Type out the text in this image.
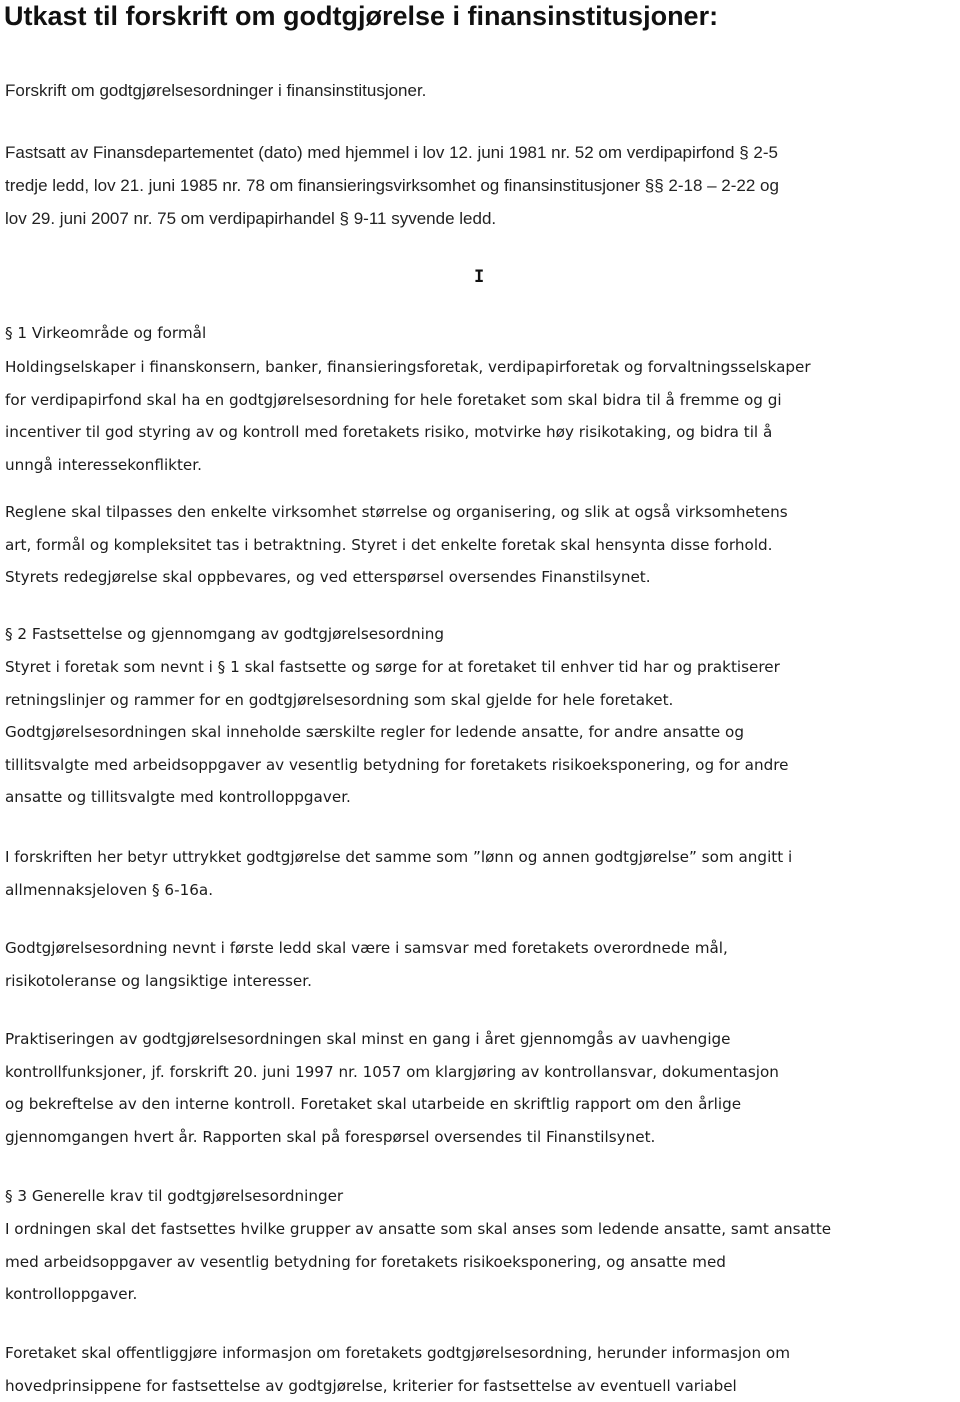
Utkast til forskrift om godtgjørelse i finansinstitusjoner:

Forskrift om godtgjørelsesordninger i finansinstitusjoner.

Fastsatt av Finansdepartementet (dato) med hjemmel i lov 12. juni 1981 nr. 52 om verdipapirfond § 2-5
tredje ledd, lov 21. juni 1985 nr. 78 om finansieringsvirksomhet og finansinstitusjoner §§ 2-18 – 2-22 og
lov 29. juni 2007 nr. 75 om verdipapirhandel § 9-11 syvende ledd.

I

§ 1 Virkeområde og formål

Holdingselskaper i finanskonsern, banker, finansieringsforetak, verdipapirforetak og forvaltningsselskaper
for verdipapirfond skal ha en godtgjørelsesordning for hele foretaket som skal bidra til å fremme og gi
incentiver til god styring av og kontroll med foretakets risiko, motvirke høy risikotaking, og bidra til å
unngå interessekonflikter.

Reglene skal tilpasses den enkelte virksomhet størrelse og organisering, og slik at også virksomhetens
art, formål og kompleksitet tas i betraktning. Styret i det enkelte foretak skal hensynta disse forhold.
Styrets redegjørelse skal oppbevares, og ved etterspørsel oversendes Finanstilsynet.

§ 2 Fastsettelse og gjennomgang av godtgjørelsesordning

Styret i foretak som nevnt i § 1 skal fastsette og sørge for at foretaket til enhver tid har og praktiserer
retningslinjer og rammer for en godtgjørelsesordning som skal gjelde for hele foretaket.

Godtgjørelsesordningen skal inneholde særskilte regler for ledende ansatte, for andre ansatte og
tillitsvalgte med arbeidsoppgaver av vesentlig betydning for foretakets risikoeksponering, og for andre
ansatte og tillitsvalgte med kontrolloppgaver.

I forskriften her betyr uttrykket godtgjørelse det samme som ”lønn og annen godtgjørelse” som angitt i
allmennaksjeloven § 6-16a.

Godtgjørelsesordning nevnt i første ledd skal være i samsvar med foretakets overordnede mål,
risikotoleranse og langsiktige interesser.

Praktiseringen av godtgjørelsesordningen skal minst en gang i året gjennomgås av uavhengige
kontrollfunksjoner, jf. forskrift 20. juni 1997 nr. 1057 om klargjøring av kontrollansvar, dokumentasjon
og bekreftelse av den interne kontroll. Foretaket skal utarbeide en skriftlig rapport om den årlige
gjennomgangen hvert år. Rapporten skal på forespørsel oversendes til Finanstilsynet.

§ 3 Generelle krav til godtgjørelsesordninger

I ordningen skal det fastsettes hvilke grupper av ansatte som skal anses som ledende ansatte, samt ansatte
med arbeidsoppgaver av vesentlig betydning for foretakets risikoeksponering, og ansatte med
kontrolloppgaver.

Foretaket skal offentliggjøre informasjon om foretakets godtgjørelsesordning, herunder informasjon om
hovedprinsippene for fastsettelse av godtgjørelse, kriterier for fastsettelse av eventuell variabel
